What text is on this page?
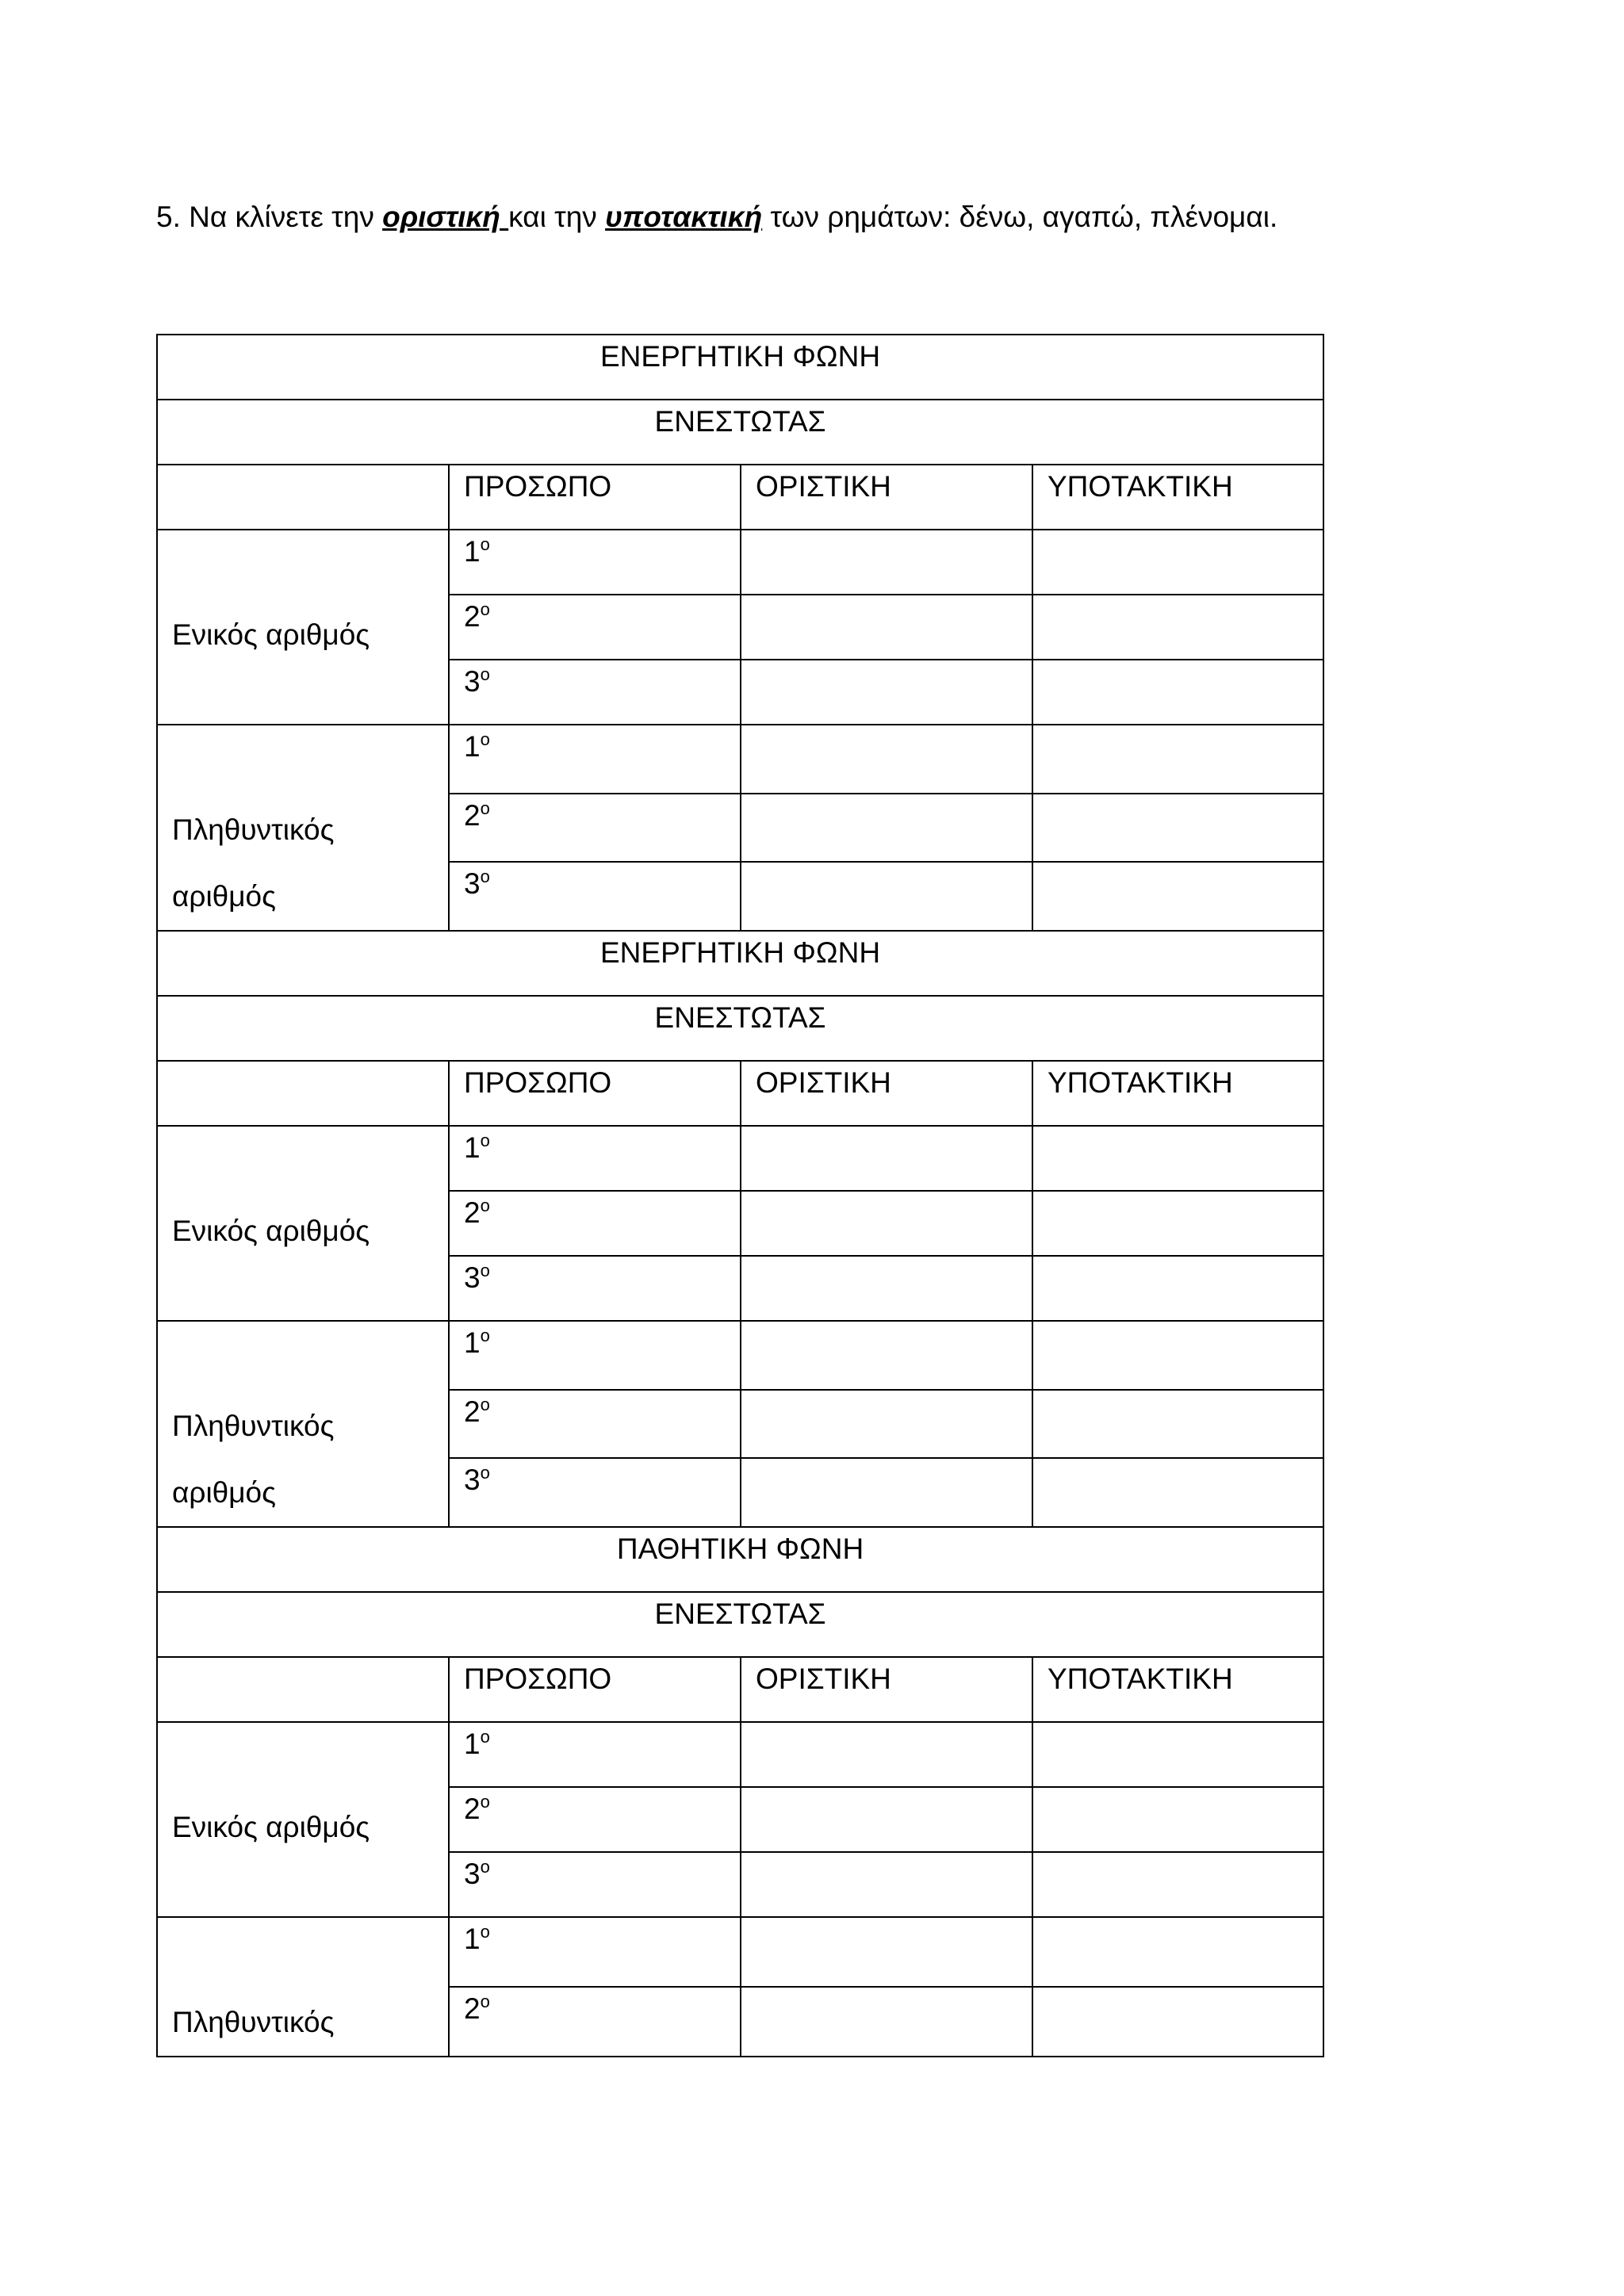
5. Να κλίνετε την οριστική και την υποτακτική των ρημάτων: δένω, αγαπώ, πλένομαι.
ΕΝΕΡΓΗΤΙΚΗ ΦΩΝΗ			
ΕΝΕΣΤΩΤΑΣ			
	ΠΡΟΣΩΠΟ	ΟΡΙΣΤΙΚΗ	ΥΠΟΤΑΚΤΙΚΗ

Ενικός αριθμός	$1^o$		
	$2^o$		
	$3^o$		

Πληθυντικός
αριθμός	$1^o$		
	$2^o$		
	$3^o$		
ΕΝΕΡΓΗΤΙΚΗ ΦΩΝΗ			
ΕΝΕΣΤΩΤΑΣ			
	ΠΡΟΣΩΠΟ	ΟΡΙΣΤΙΚΗ	ΥΠΟΤΑΚΤΙΚΗ

Ενικός αριθμός	$1^o$		
	$2^o$		
	$3^o$		

Πληθυντικός
αριθμός	$1^o$		
	$2^o$		
	$3^o$		
ΠΑΘΗΤΙΚΗ ΦΩΝΗ			
ΕΝΕΣΤΩΤΑΣ			
	ΠΡΟΣΩΠΟ	ΟΡΙΣΤΙΚΗ	ΥΠΟΤΑΚΤΙΚΗ

Ενικός αριθμός	$1^o$		
	$2^o$		
	$3^o$		

Πληθυντικός	$1^o$		
	$2^o$		
